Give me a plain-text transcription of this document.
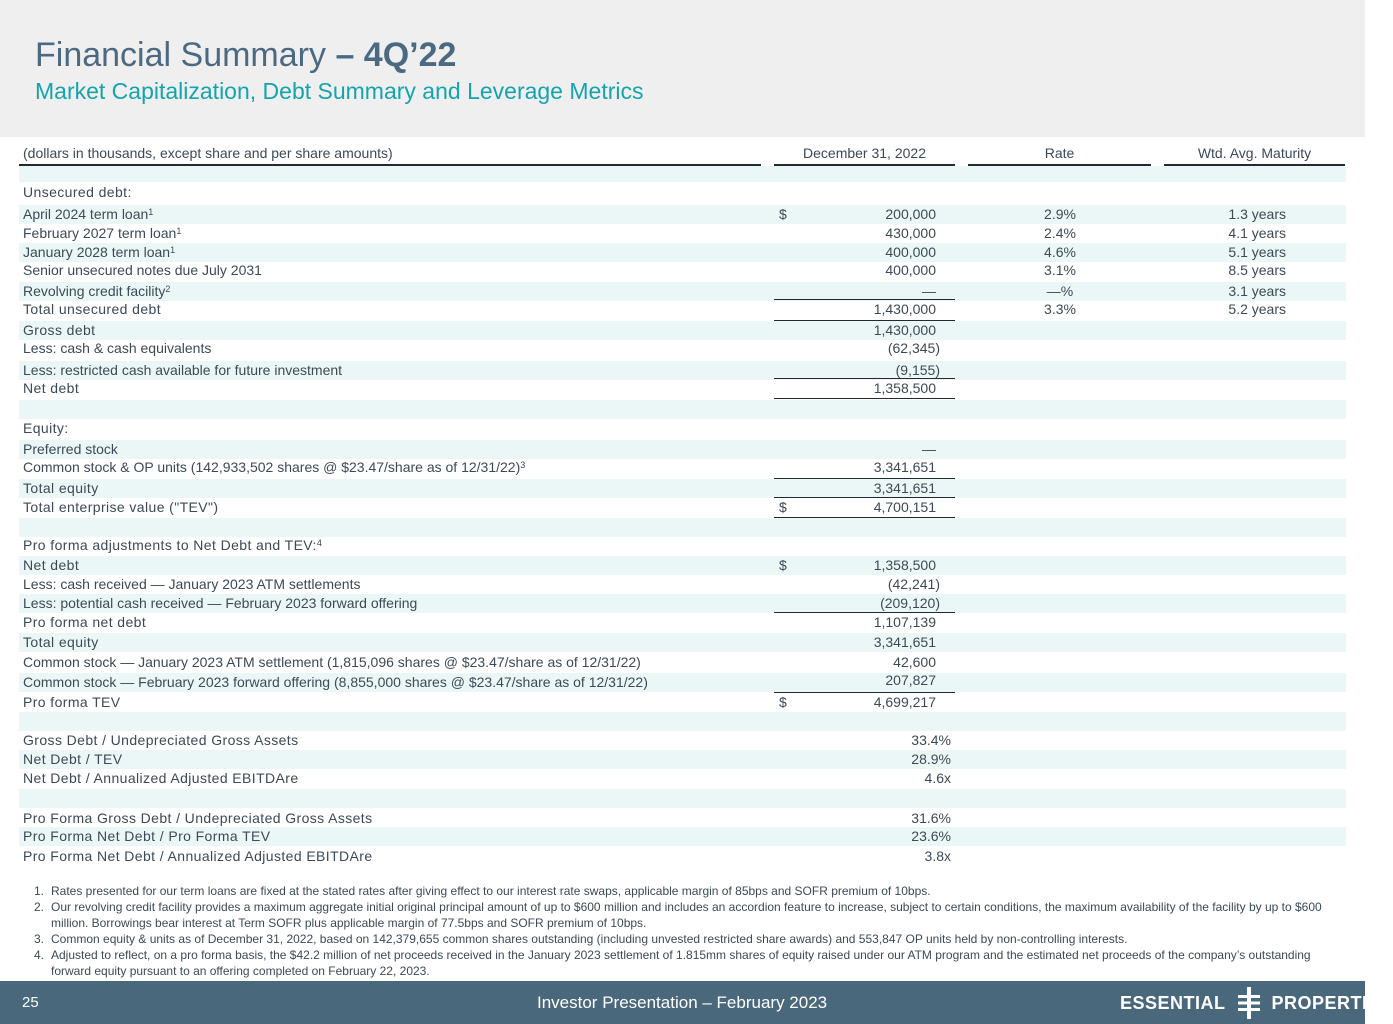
Financial Summary – 4Q’22
Market Capitalization, Debt Summary and Leverage Metrics
(dollars in thousands, except share and per share amounts)	December 31, 2022	Rate	Wtd. Avg. Maturity
Unsecured debt:
April 2024 term loan$^1$	$	200,000	2.9%	1.3 years
February 2027 term loan$^1$	430,000	2.4%	4.1 years
January 2028 term loan$^1$	400,000	4.6%	5.1 years
Senior unsecured notes due July 2031	400,000	3.1%	8.5 years
Revolving credit facility$^2$	—	—%	3.1 years
Total unsecured debt	1,430,000	3.3%	5.2 years
Gross debt	1,430,000
Less: cash & cash equivalents	(62,345)
Less: restricted cash available for future investment	(9,155)
Net debt	1,358,500
Equity:
Preferred stock	—
Common stock & OP units (142,933,502 shares @ $23.47/share as of 12/31/22)$^3$	3,341,651
Total equity	3,341,651
Total enterprise value ("TEV")	$	4,700,151
Pro forma adjustments to Net Debt and TEV:$^4$
Net debt	$	1,358,500
Less: cash received — January 2023 ATM settlements	(42,241)
Less: potential cash received — February 2023 forward offering	(209,120)
Pro forma net debt	1,107,139
Total equity	3,341,651
Common stock — January 2023 ATM settlement (1,815,096 shares @ $23.47/share as of 12/31/22)	42,600
Common stock — February 2023 forward offering (8,855,000 shares @ $23.47/share as of 12/31/22)	207,827
Pro forma TEV	$	4,699,217
Gross Debt / Undepreciated Gross Assets	33.4%
Net Debt / TEV	28.9%
Net Debt / Annualized Adjusted EBITDAre	4.6x
Pro Forma Gross Debt / Undepreciated Gross Assets	31.6%
Pro Forma Net Debt / Pro Forma TEV	23.6%
Pro Forma Net Debt / Annualized Adjusted EBITDAre	3.8x
1. Rates presented for our term loans are fixed at the stated rates after giving effect to our interest rate swaps, applicable margin of 85bps and SOFR premium of 10bps.
2. Our revolving credit facility provides a maximum aggregate initial original principal amount of up to $600 million and includes an accordion feature to increase, subject to certain conditions, the maximum availability of the facility by up to $600 million. Borrowings bear interest at Term SOFR plus applicable margin of 77.5bps and SOFR premium of 10bps.
3. Common equity & units as of December 31, 2022, based on 142,379,655 common shares outstanding (including unvested restricted share awards) and 553,847 OP units held by non-controlling interests.
4. Adjusted to reflect, on a pro forma basis, the $42.2 million of net proceeds received in the January 2023 settlement of 1.815mm shares of equity raised under our ATM program and the estimated net proceeds of the company’s outstanding forward equity pursuant to an offering completed on February 22, 2023.
25	Investor Presentation – February 2023	ESSENTIAL	PROPERTIES
